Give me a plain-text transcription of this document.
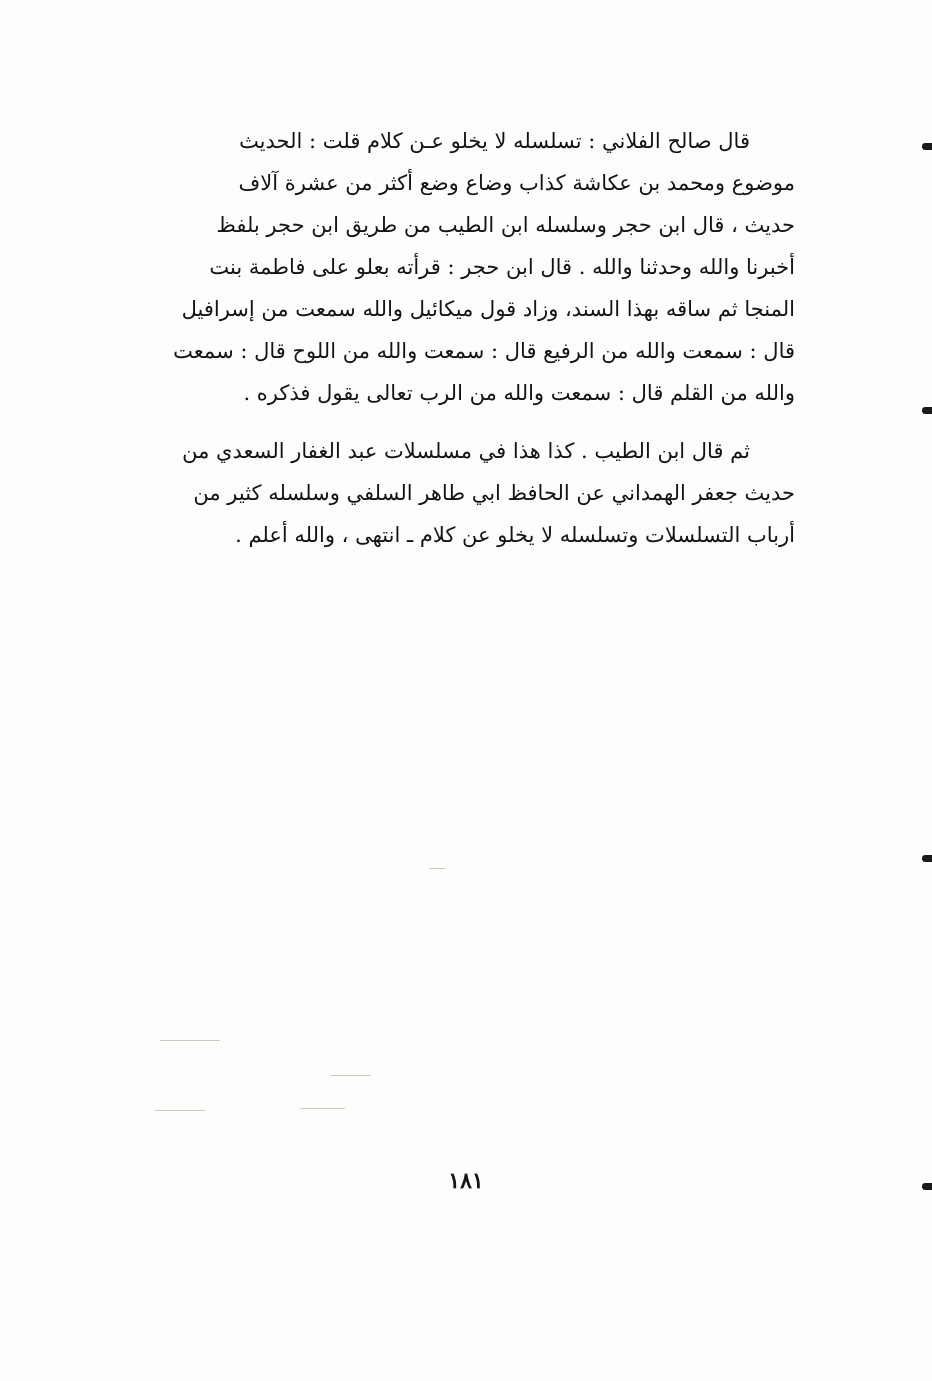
قال صالح الفلاني : تسلسله لا يخلو عـن كلام قلت : الحديث
موضوع ومحمد بن عكاشة كذاب وضاع وضع أكثر من عشرة آلاف
حديث ، قال ابن حجر وسلسله ابن الطيب من طريق ابن حجر بلفظ
أخبرنا والله وحدثنا والله . قال ابن حجر : قرأته بعلو على فاطمة بنت
المنجا ثم ساقه بهذا السند، وزاد قول ميكائيل والله سمعت من إسرافيل
قال : سمعت والله من الرفيع قال : سمعت والله من اللوح قال : سمعت
والله من القلم قال : سمعت والله من الرب تعالى يقول فذكره .
ثم قال ابن الطيب . كذا هذا في مسلسلات عبد الغفار السعدي من
حديث جعفر الهمداني عن الحافظ ابي طاهر السلفي وسلسله كثير من
أرباب التسلسلات وتسلسله لا يخلو عن كلام ـ انتهى ، والله أعلم .
١٨١
